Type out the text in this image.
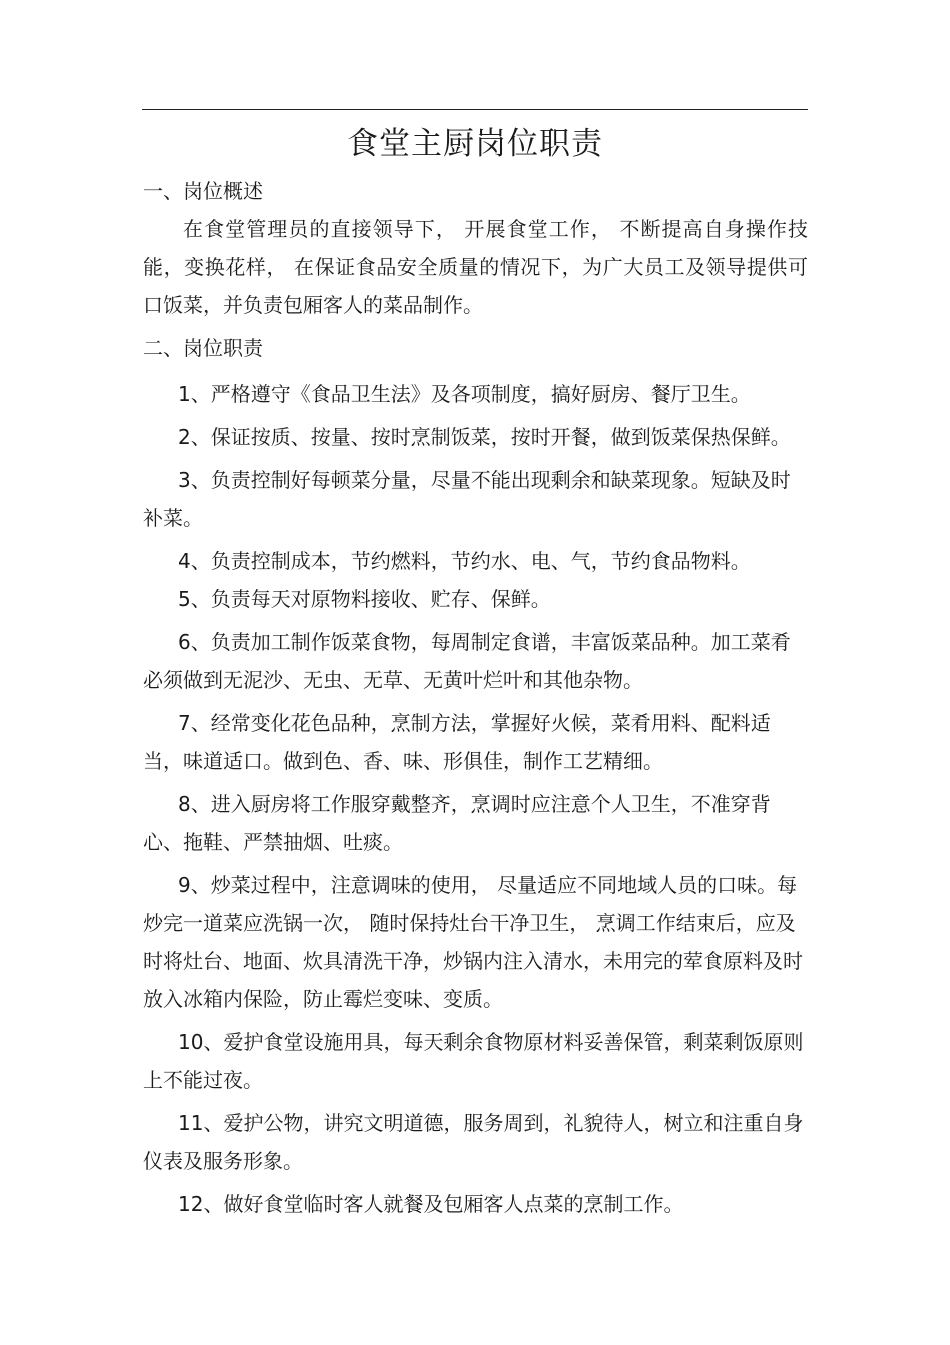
食堂主厨岗位职责
一、岗位概述

在食堂管理员的直接领导下， 开展食堂工作， 不断提高自身操作技能，变换花样， 在保证食品安全质量的情况下，为广大员工及领导提供可口饭菜，并负责包厢客人的菜品制作。

二、岗位职责
1、严格遵守《食品卫生法》及各项制度，搞好厨房、餐厅卫生。
2、保证按质、按量、按时烹制饭菜，按时开餐，做到饭菜保热保鲜。
3、负责控制好每顿菜分量，尽量不能出现剩余和缺菜现象。短缺及时补菜。
4、负责控制成本，节约燃料，节约水、电、气，节约食品物料。
5、负责每天对原物料接收、贮存、保鲜。
6、负责加工制作饭菜食物，每周制定食谱，丰富饭菜品种。加工菜肴必须做到无泥沙、无虫、无草、无黄叶烂叶和其他杂物。
7、经常变化花色品种，烹制方法，掌握好火候，菜肴用料、配料适当，味道适口。做到色、香、味、形俱佳，制作工艺精细。
8、进入厨房将工作服穿戴整齐，烹调时应注意个人卫生，不准穿背心、拖鞋、严禁抽烟、吐痰。
9、炒菜过程中，注意调味的使用， 尽量适应不同地域人员的口味。每炒完一道菜应洗锅一次， 随时保持灶台干净卫生， 烹调工作结束后，应及时将灶台、地面、炊具清洗干净，炒锅内注入清水，未用完的荤食原料及时放入冰箱内保险，防止霉烂变味、变质。
10、爱护食堂设施用具，每天剩余食物原材料妥善保管，剩菜剩饭原则上不能过夜。
11、爱护公物，讲究文明道德，服务周到，礼貌待人，树立和注重自身仪表及服务形象。
12、做好食堂临时客人就餐及包厢客人点菜的烹制工作。
